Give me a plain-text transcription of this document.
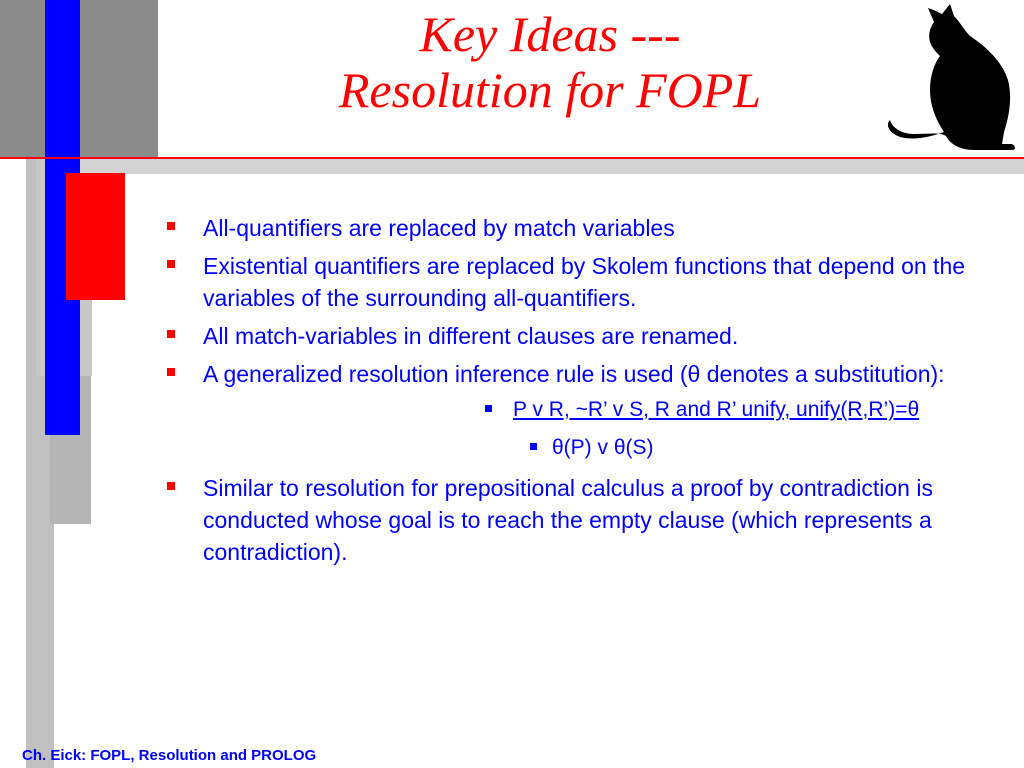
Key Ideas ---
Resolution for FOPL
All-quantifiers are replaced by match variables
Existential quantifiers are replaced by Skolem functions that depend on the variables of the surrounding all-quantifiers.
All match-variables in different clauses are renamed.
A generalized resolution inference rule is used (θ denotes a substitution):
P v R, ~R’ v S, R and R’ unify, unify(R,R’)=θ
θ(P) v θ(S)
Similar to resolution for prepositional calculus a proof by contradiction is conducted whose goal is to reach the empty clause (which represents a contradiction).
Ch. Eick: FOPL, Resolution and PROLOG
